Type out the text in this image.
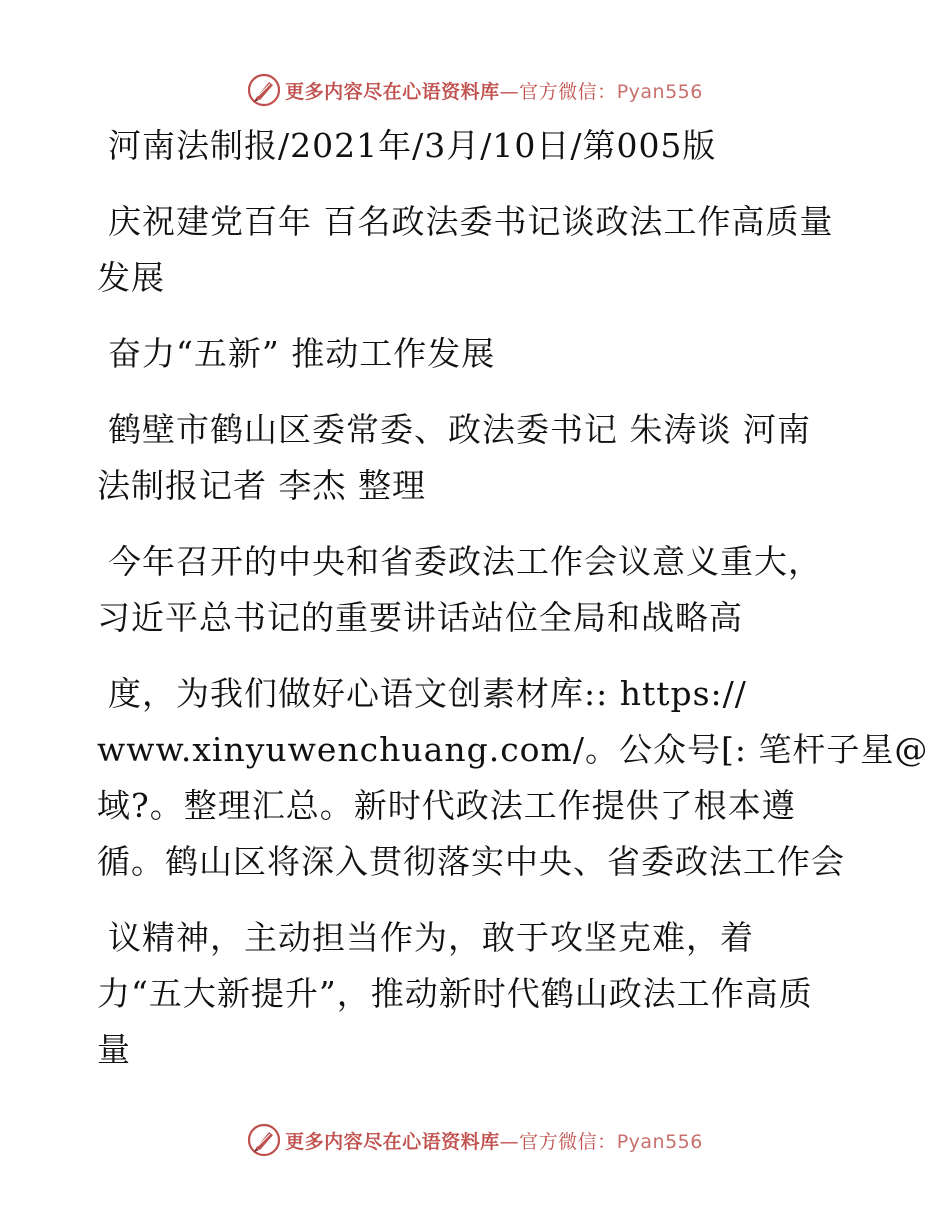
更多内容尽在心语资料库—官方微信：Pyan556
河南法制报/2021年/3月/10日/第005版
庆祝建党百年 百名政法委书记谈政法工作高质量
发展
奋力“五新” 推动工作发展
鹤壁市鹤山区委常委、政法委书记 朱涛谈 河南
法制报记者 李杰 整理
今年召开的中央和省委政法工作会议意义重大，
习近平总书记的重要讲话站位全局和战略高
度，为我们做好心语文创素材库:: https://
www.xinyuwenchuang.com/。公众号[: 笔杆子星@
域?。整理汇总。新时代政法工作提供了根本遵
循。鹤山区将深入贯彻落实中央、省委政法工作会
议精神，主动担当作为，敢于攻坚克难，着
力“五大新提升”，推动新时代鹤山政法工作高质
量
更多内容尽在心语资料库—官方微信：Pyan556
